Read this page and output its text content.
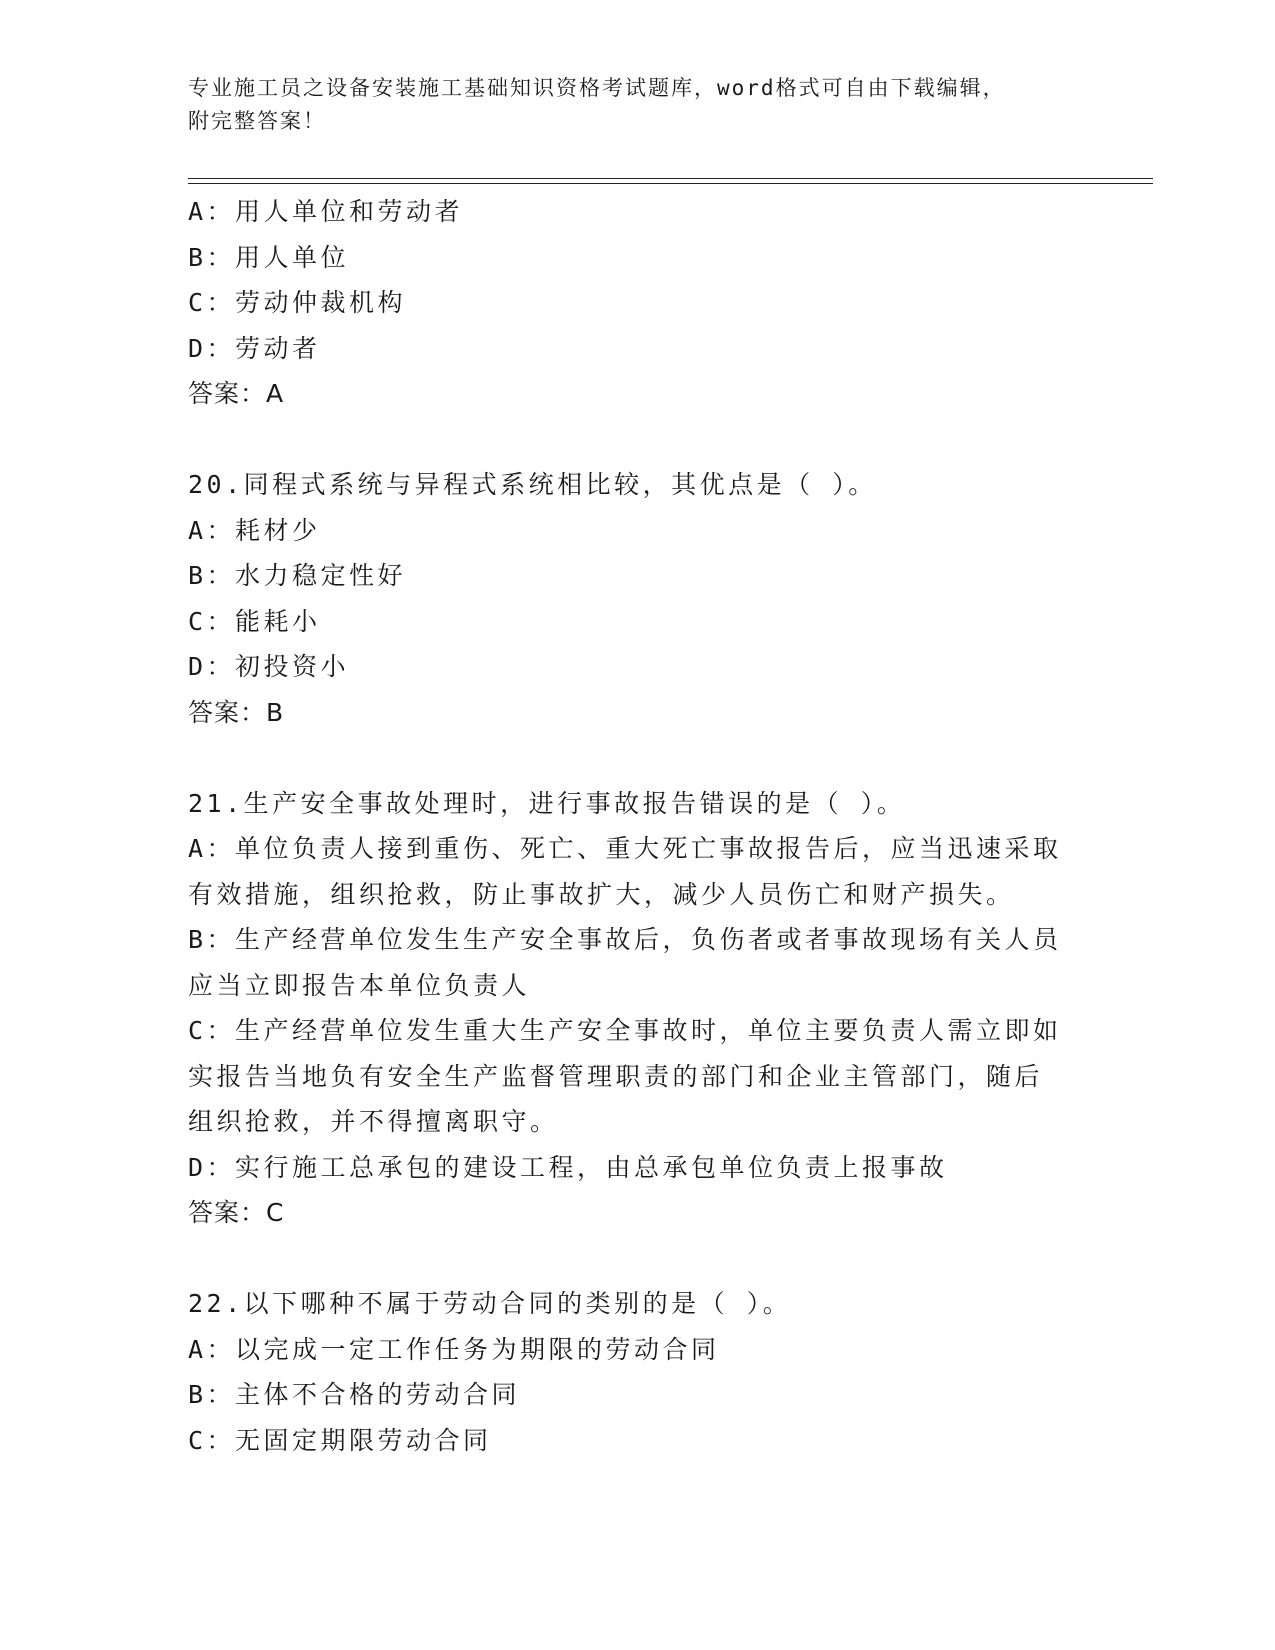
专业施工员之设备安装施工基础知识资格考试题库，word格式可自由下载编辑，
附完整答案！
A：用人单位和劳动者
B：用人单位
C：劳动仲裁机构
D：劳动者
答案：A
20.同程式系统与异程式系统相比较，其优点是（ ）。
A：耗材少
B：水力稳定性好
C：能耗小
D：初投资小
答案：B
21.生产安全事故处理时，进行事故报告错误的是（ ）。
A：单位负责人接到重伤、死亡、重大死亡事故报告后，应当迅速采取
有效措施，组织抢救，防止事故扩大，减少人员伤亡和财产损失。
B：生产经营单位发生生产安全事故后，负伤者或者事故现场有关人员
应当立即报告本单位负责人
C：生产经营单位发生重大生产安全事故时，单位主要负责人需立即如
实报告当地负有安全生产监督管理职责的部门和企业主管部门，随后
组织抢救，并不得擅离职守。
D：实行施工总承包的建设工程，由总承包单位负责上报事故
答案：C
22.以下哪种不属于劳动合同的类别的是（ ）。
A：以完成一定工作任务为期限的劳动合同
B：主体不合格的劳动合同
C：无固定期限劳动合同
